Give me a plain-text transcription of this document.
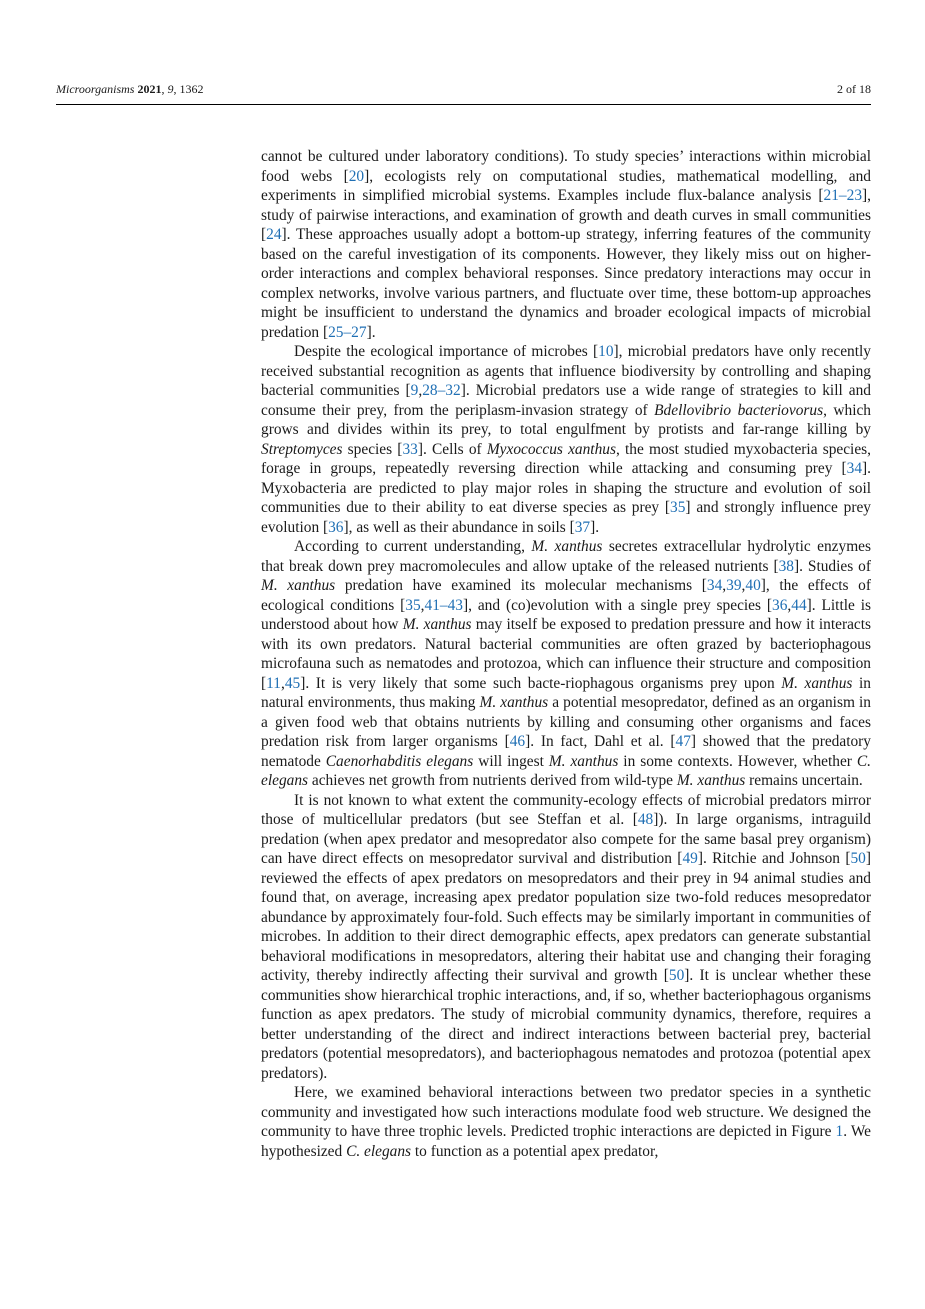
Microorganisms 2021, 9, 1362	2 of 18

cannot be cultured under laboratory conditions). To study species’ interactions within microbial food webs [20], ecologists rely on computational studies, mathematical modelling, and experiments in simplified microbial systems. Examples include flux-balance analysis [21–23], study of pairwise interactions, and examination of growth and death curves in small communities [24]. These approaches usually adopt a bottom-up strategy, inferring features of the community based on the careful investigation of its components. However, they likely miss out on higher-order interactions and complex behavioral responses. Since predatory interactions may occur in complex networks, involve various partners, and fluctuate over time, these bottom-up approaches might be insufficient to understand the dynamics and broader ecological impacts of microbial predation [25–27].

Despite the ecological importance of microbes [10], microbial predators have only recently received substantial recognition as agents that influence biodiversity by controlling and shaping bacterial communities [9,28–32]. Microbial predators use a wide range of strategies to kill and consume their prey, from the periplasm-invasion strategy of Bdellovibrio bacteriovorus, which grows and divides within its prey, to total engulfment by protists and far-range killing by Streptomyces species [33]. Cells of Myxococcus xanthus, the most studied myxobacteria species, forage in groups, repeatedly reversing direction while attacking and consuming prey [34]. Myxobacteria are predicted to play major roles in shaping the structure and evolution of soil communities due to their ability to eat diverse species as prey [35] and strongly influence prey evolution [36], as well as their abundance in soils [37].

According to current understanding, M. xanthus secretes extracellular hydrolytic enzymes that break down prey macromolecules and allow uptake of the released nutrients [38]. Studies of M. xanthus predation have examined its molecular mechanisms [34,39,40], the effects of ecological conditions [35,41–43], and (co)evolution with a single prey species [36,44]. Little is understood about how M. xanthus may itself be exposed to predation pressure and how it interacts with its own predators. Natural bacterial communities are often grazed by bacteriophagous microfauna such as nematodes and protozoa, which can influence their structure and composition [11,45]. It is very likely that some such bacte-riophagous organisms prey upon M. xanthus in natural environments, thus making M. xanthus a potential mesopredator, defined as an organism in a given food web that obtains nutrients by killing and consuming other organisms and faces predation risk from larger organisms [46]. In fact, Dahl et al. [47] showed that the predatory nematode Caenorhabditis elegans will ingest M. xanthus in some contexts. However, whether C. elegans achieves net growth from nutrients derived from wild-type M. xanthus remains uncertain.

It is not known to what extent the community-ecology effects of microbial predators mirror those of multicellular predators (but see Steffan et al. [48]). In large organisms, intraguild predation (when apex predator and mesopredator also compete for the same basal prey organism) can have direct effects on mesopredator survival and distribution [49]. Ritchie and Johnson [50] reviewed the effects of apex predators on mesopredators and their prey in 94 animal studies and found that, on average, increasing apex predator population size two-fold reduces mesopredator abundance by approximately four-fold. Such effects may be similarly important in communities of microbes. In addition to their direct demographic effects, apex predators can generate substantial behavioral modifications in mesopredators, altering their habitat use and changing their foraging activity, thereby indirectly affecting their survival and growth [50]. It is unclear whether these communities show hierarchical trophic interactions, and, if so, whether bacteriophagous organisms function as apex predators. The study of microbial community dynamics, therefore, requires a better understanding of the direct and indirect interactions between bacterial prey, bacterial predators (potential mesopredators), and bacteriophagous nematodes and protozoa (potential apex predators).

Here, we examined behavioral interactions between two predator species in a synthetic community and investigated how such interactions modulate food web structure. We designed the community to have three trophic levels. Predicted trophic interactions are depicted in Figure 1. We hypothesized C. elegans to function as a potential apex predator,
